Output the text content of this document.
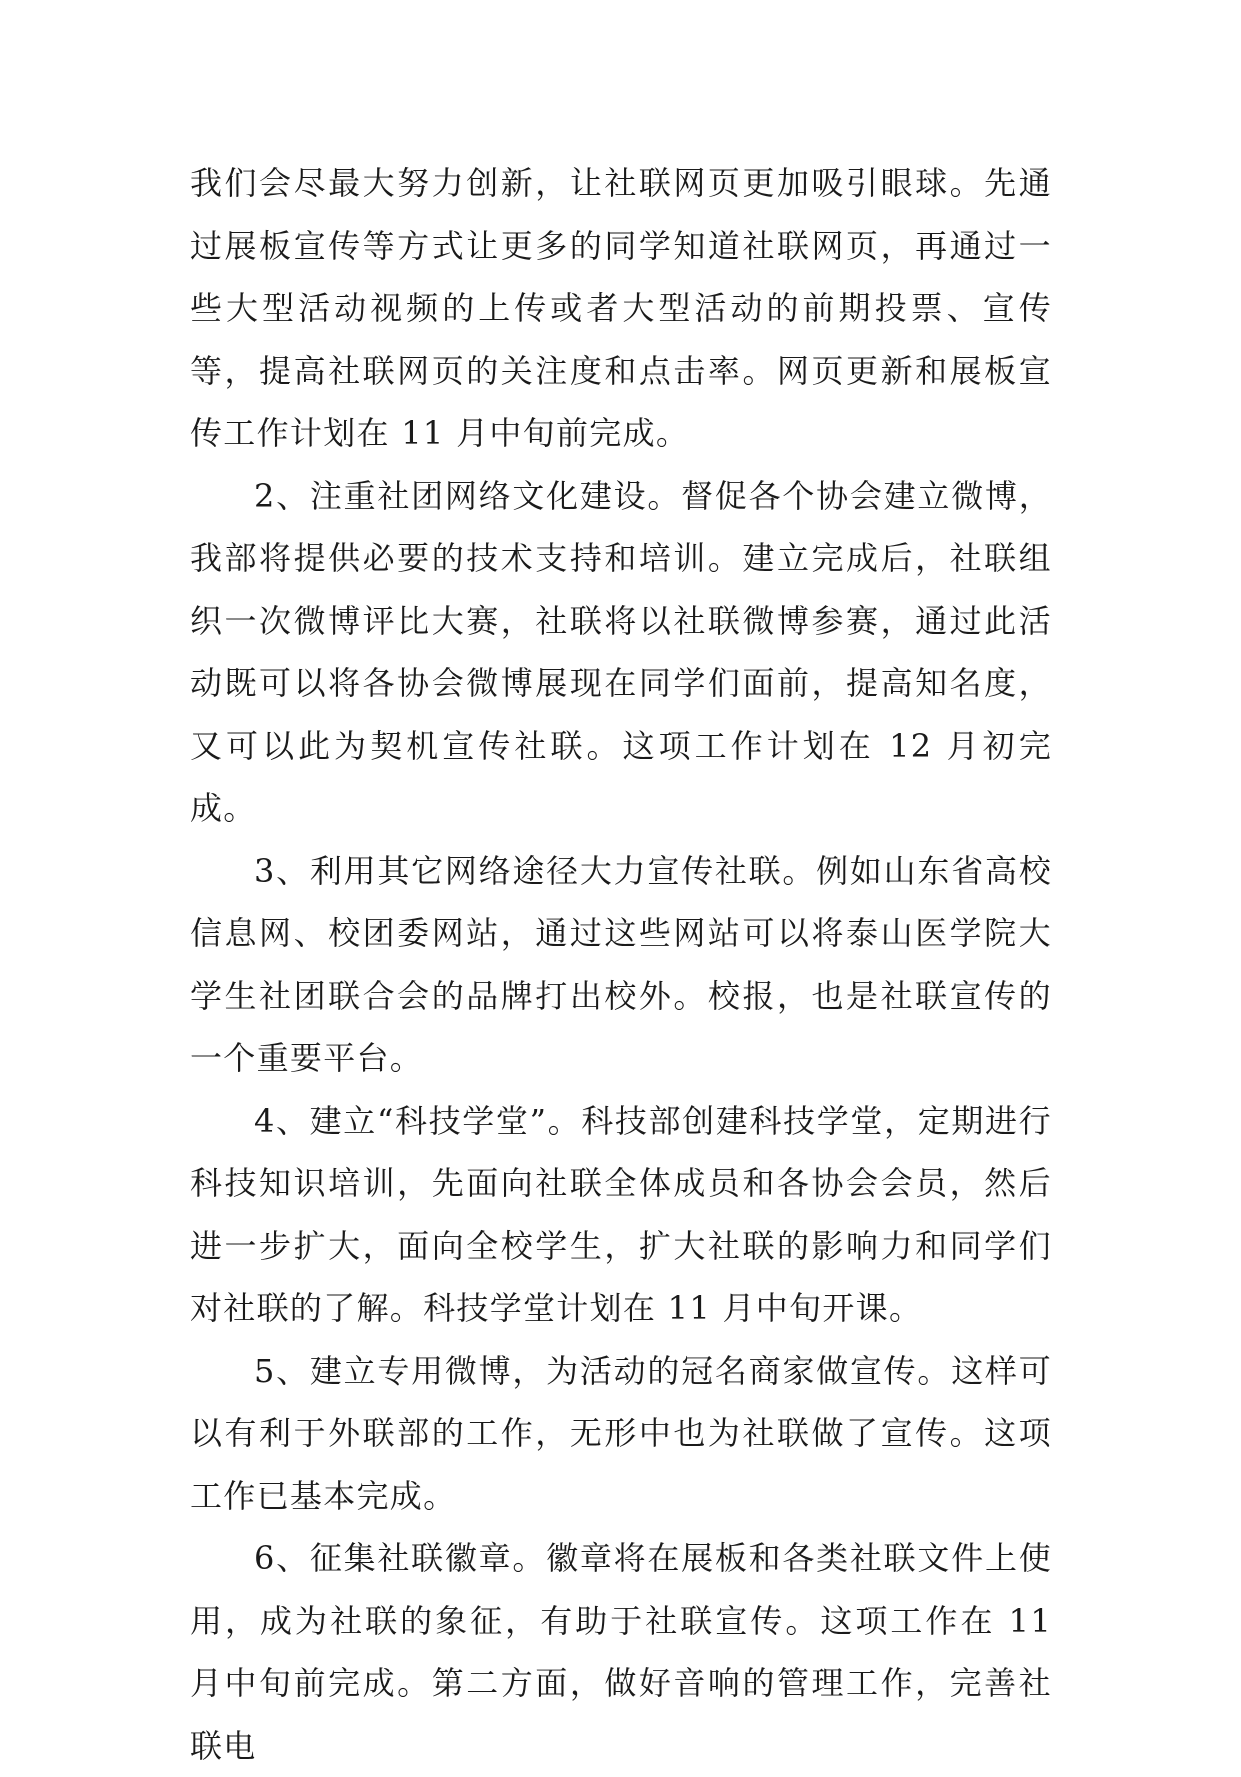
我们会尽最大努力创新，让社联网页更加吸引眼球。先通过展板宣传等方式让更多的同学知道社联网页，再通过一些大型活动视频的上传或者大型活动的前期投票、宣传等，提高社联网页的关注度和点击率。网页更新和展板宣传工作计划在 11 月中旬前完成。

2、注重社团网络文化建设。督促各个协会建立微博，我部将提供必要的技术支持和培训。建立完成后，社联组织一次微博评比大赛，社联将以社联微博参赛，通过此活动既可以将各协会微博展现在同学们面前，提高知名度，又可以此为契机宣传社联。这项工作计划在 12 月初完成。

3、利用其它网络途径大力宣传社联。例如山东省高校信息网、校团委网站，通过这些网站可以将泰山医学院大学生社团联合会的品牌打出校外。校报，也是社联宣传的一个重要平台。

4、建立“科技学堂”。科技部创建科技学堂，定期进行科技知识培训，先面向社联全体成员和各协会会员，然后进一步扩大，面向全校学生，扩大社联的影响力和同学们对社联的了解。科技学堂计划在 11 月中旬开课。

5、建立专用微博，为活动的冠名商家做宣传。这样可以有利于外联部的工作，无形中也为社联做了宣传。这项工作已基本完成。

6、征集社联徽章。徽章将在展板和各类社联文件上使用，成为社联的象征，有助于社联宣传。这项工作在 11 月中旬前完成。第二方面，做好音响的管理工作，完善社联电
